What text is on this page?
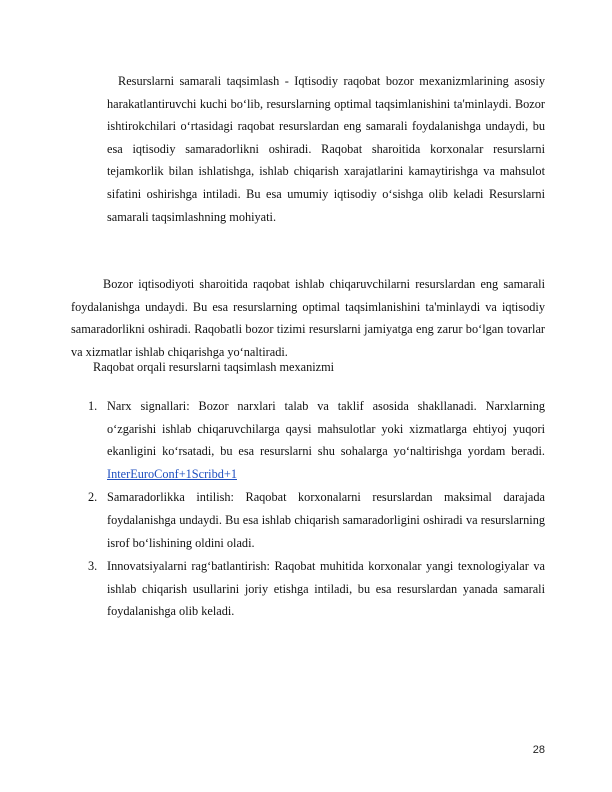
Resurslarni samarali taqsimlash - Iqtisodiy raqobat bozor mexanizmlarining asosiy harakatlantiruvchi kuchi bo‘lib, resurslarning optimal taqsimlanishini ta'minlaydi. Bozor ishtirokchilari o‘rtasidagi raqobat resurslardan eng samarali foydalanishga undaydi, bu esa iqtisodiy samaradorlikni oshiradi. Raqobat sharoitida korxonalar resurslarni tejamkorlik bilan ishlatishga, ishlab chiqarish xarajatlarini kamaytirishga va mahsulot sifatini oshirishga intiladi. Bu esa umumiy iqtisodiy o‘sishga olib keladi Resurslarni samarali taqsimlashning mohiyati.

Bozor iqtisodiyoti sharoitida raqobat ishlab chiqaruvchilarni resurslardan eng samarali foydalanishga undaydi. Bu esa resurslarning optimal taqsimlanishini ta'minlaydi va iqtisodiy samaradorlikni oshiradi. Raqobatli bozor tizimi resurslarni jamiyatga eng zarur bo‘lgan tovarlar va xizmatlar ishlab chiqarishga yo‘naltiradi.

Raqobat orqali resurslarni taqsimlash mexanizmi

1. Narx signallari: Bozor narxlari talab va taklif asosida shakllanadi. Narxlarning o‘zgarishi ishlab chiqaruvchilarga qaysi mahsulotlar yoki xizmatlarga ehtiyoj yuqori ekanligini ko‘rsatadi, bu esa resurslarni shu sohalarga yo‘naltirishga yordam beradi. InterEuroConf+1Scribd+1
2. Samaradorlikka intilish: Raqobat korxonalarni resurslardan maksimal darajada foydalanishga undaydi. Bu esa ishlab chiqarish samaradorligini oshiradi va resurslarning isrof bo‘lishining oldini oladi.
3. Innovatsiyalarni rag‘batlantirish: Raqobat muhitida korxonalar yangi texnologiyalar va ishlab chiqarish usullarini joriy etishga intiladi, bu esa resurslardan yanada samarali foydalanishga olib keladi.
28
